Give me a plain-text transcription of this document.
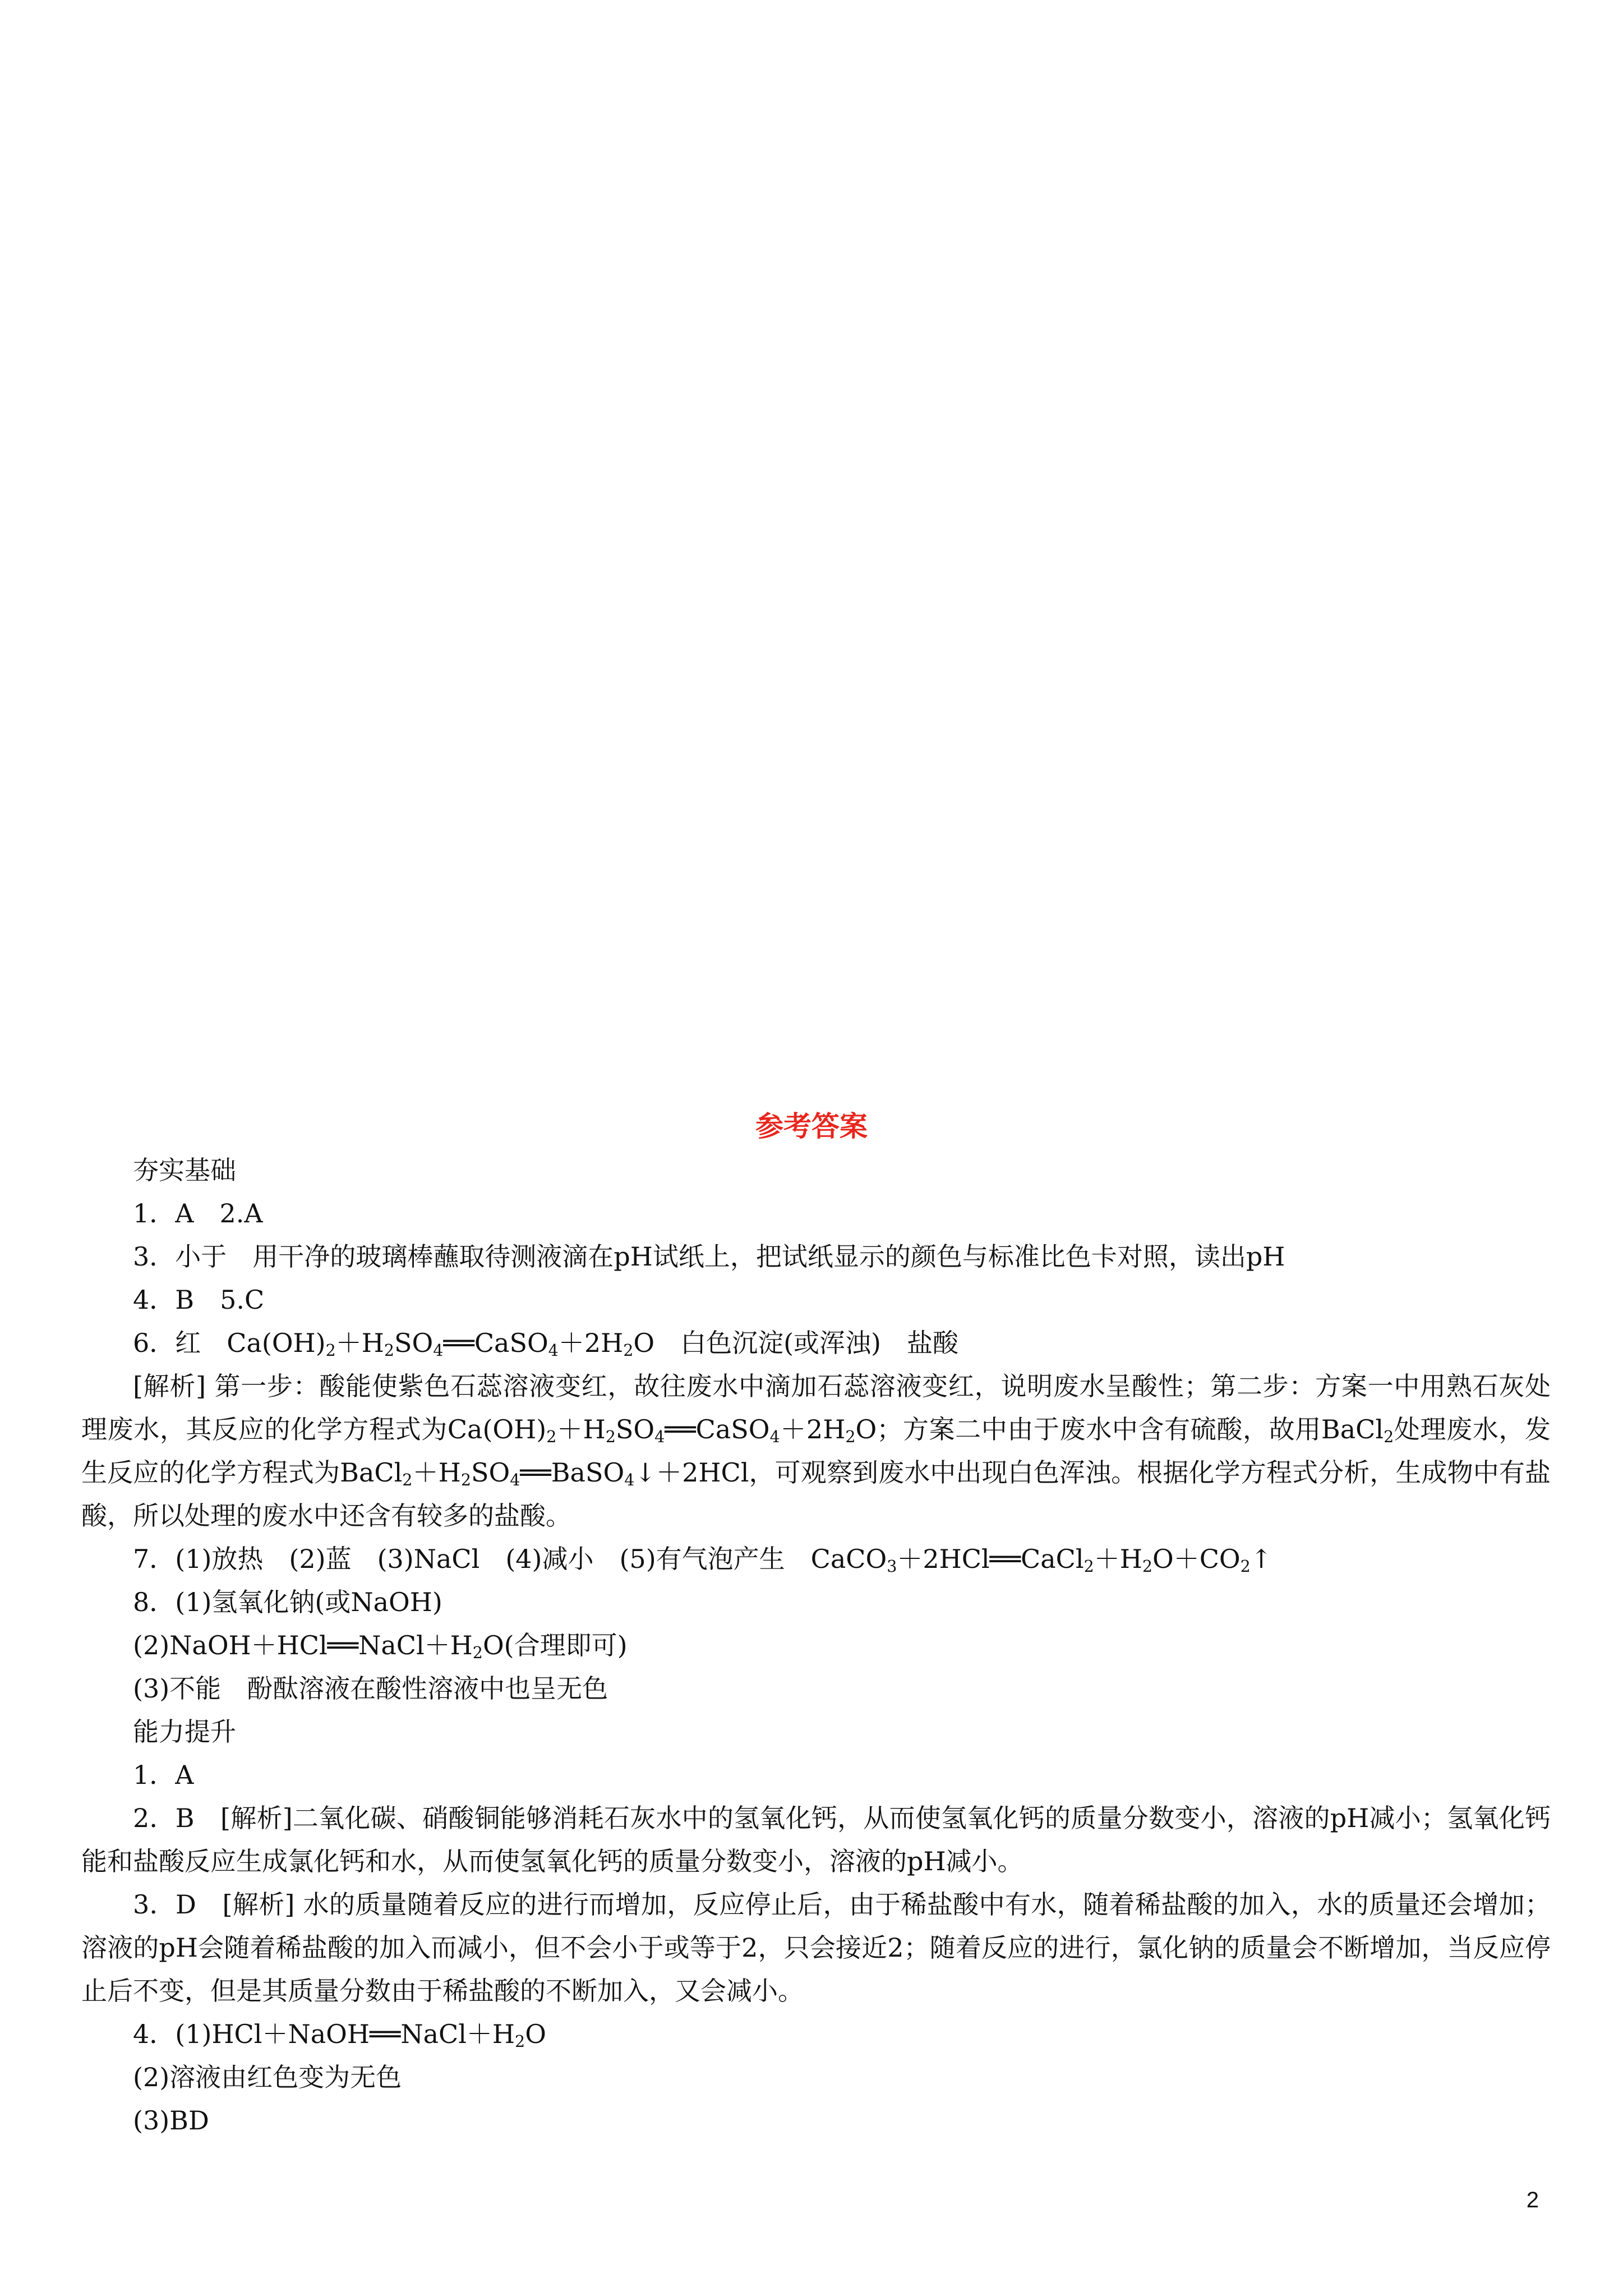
参考答案
夯实基础
1．A　2.A
3．小于　用干净的玻璃棒蘸取待测液滴在pH试纸上，把试纸显示的颜色与标准比色卡对照，读出pH
4．B　5.C
6．红　$Ca(OH)_2+H_2SO_4══CaSO_4+2H_2O$　白色沉淀(或浑浊)　盐酸
[解析] 第一步：酸能使紫色石蕊溶液变红，故往废水中滴加石蕊溶液变红，说明废水呈酸性；第二步：方案一中用熟石灰处理废水，其反应的化学方程式为$Ca(OH)_2+H_2SO_4══CaSO_4+2H_2O$；方案二中由于废水中含有硫酸，故用BaCl$_2$处理废水，发生反应的化学方程式为$BaCl_2+H_2SO_4══BaSO_4↓+2HCl$，可观察到废水中出现白色浑浊。根据化学方程式分析，生成物中有盐酸，所以处理的废水中还含有较多的盐酸。
7．(1)放热　(2)蓝　(3)NaCl　(4)减小　(5)有气泡产生　$CaCO_3+2HCl══CaCl_2+H_2O+CO_2↑$
8．(1)氢氧化钠(或NaOH)
$(2)NaOH+HCl══NaCl+H_2O$(合理即可)
(3)不能　酚酞溶液在酸性溶液中也呈无色
能力提升
1．A
2．B　[解析]二氧化碳、硝酸铜能够消耗石灰水中的氢氧化钙，从而使氢氧化钙的质量分数变小，溶液的pH减小；氢氧化钙能和盐酸反应生成氯化钙和水，从而使氢氧化钙的质量分数变小，溶液的pH减小。
3．D　[解析] 水的质量随着反应的进行而增加，反应停止后，由于稀盐酸中有水，随着稀盐酸的加入，水的质量还会增加；溶液的pH会随着稀盐酸的加入而减小，但不会小于或等于2，只会接近2；随着反应的进行，氯化钠的质量会不断增加，当反应停止后不变，但是其质量分数由于稀盐酸的不断加入，又会减小。
4．$(1)HCl+NaOH══NaCl+H_2O$
(2)溶液由红色变为无色
(3)BD
2
